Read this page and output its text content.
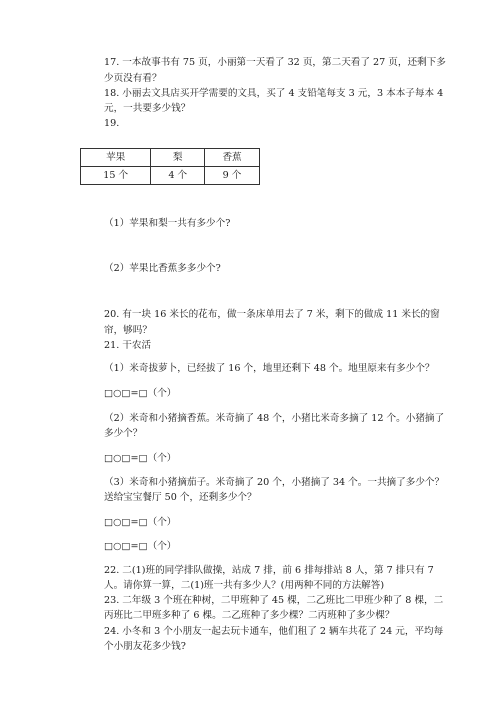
17. 一本故事书有 75 页，小丽第一天看了 32 页，第二天看了 27 页，还剩下多
少页没有看？
18. 小丽去文具店买开学需要的文具，买了 4 支铅笔每支 3 元，3 本本子每本 4
元，一共要多少钱？
19.
苹果	梨	香蕉
15 个	4 个	9 个
（1）苹果和梨一共有多少个?
（2）苹果比香蕉多多少个?
20. 有一块 16 米长的花布，做一条床单用去了 7 米，剩下的做成 11 米长的窗
帘，够吗？
21. 干农活
（1）米奇拔萝卜，已经拔了 16 个，地里还剩下 48 个。地里原来有多少个？
□○□=□（个）
（2）米奇和小猪摘香蕉。米奇摘了 48 个，小猪比米奇多摘了 12 个。小猪摘了
多少个？
□○□=□（个）
（3）米奇和小猪摘茄子。米奇摘了 20 个，小猪摘了 34 个。一共摘了多少个？
送给宝宝餐厅 50 个，还剩多少个？
□○□=□（个）
□○□=□（个）
22. 二(1)班的同学排队做操，站成 7 排，前 6 排每排站 8 人，第 7 排只有 7
人。请你算一算，二(1)班一共有多少人？(用两种不同的方法解答)
23. 二年级 3 个班在种树，二甲班种了 45 棵，二乙班比二甲班少种了 8 棵，二
丙班比二甲班多种了 6 棵。二乙班种了多少棵？二丙班种了多少棵？
24. 小冬和 3 个小朋友一起去玩卡通车，他们租了 2 辆车共花了 24 元，平均每
个小朋友花多少钱?
